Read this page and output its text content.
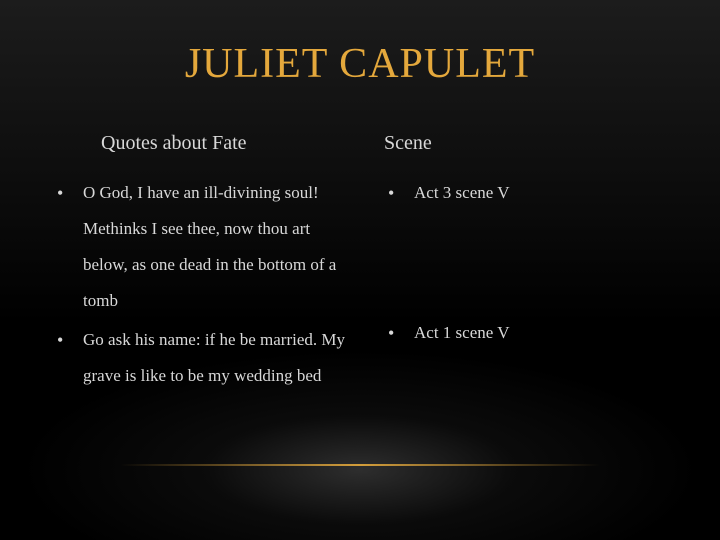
JULIET CAPULET
Quotes about Fate	Scene
• O God, I have an ill-divining soul! Methinks I see thee, now thou art below, as one dead in the bottom of a tomb
• Go ask his name: if he be married. My grave is like to be my wedding bed
• Act 3 scene V
• Act 1 scene V
